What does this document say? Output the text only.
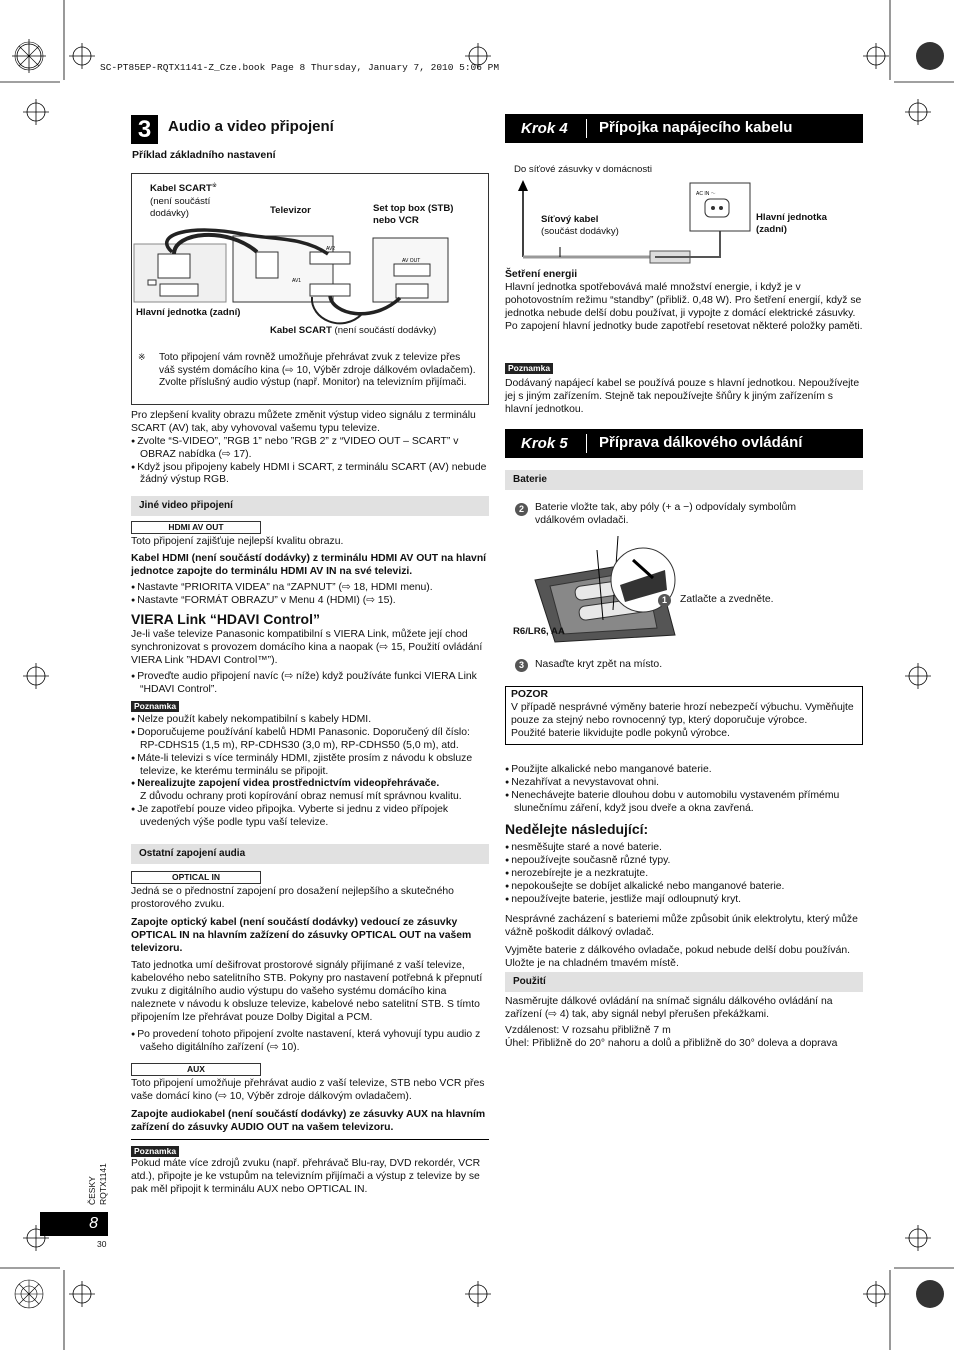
SC-PT85EP-RQTX1141-Z_Cze.book Page 8 Thursday, January 7, 2010 5:06 PM
3	Audio a video připojení
Příklad základního nastavení
Kabel SCART※
(není součástí dodávky)	Televizor	Set top box (STB) nebo VCR
AV2
AV1
AV OUT
Hlavní jednotka (zadní)
Kabel SCART (není součástí dodávky)
※ Toto připojení vám rovněž umožňuje přehrávat zvuk z televize přes váš systém domácího kina (⇨ 10, Výběr zdroje dálkovém ovladačem). Zvolte příslušný audio výstup (např. Monitor) na televizním přijímači.

Pro zlepšení kvality obrazu můžete změnit výstup video signálu z terminálu SCART (AV) tak, aby vyhovoval vašemu typu televize.

● Zvolte “S-VIDEO”, ”RGB 1” nebo ”RGB 2” z “VIDEO OUT – SCART” v OBRAZ nabídka (⇨ 17).

● Když jsou připojeny kabely HDMI i SCART, z terminálu SCART (AV) nebude žádný výstup RGB.

Jiné video připojení
HDMI AV OUT

Toto připojení zajišťuje nejlepší kvalitu obrazu.

Kabel HDMI (není součástí dodávky) z terminálu HDMI AV OUT na hlavní jednotce zapojte do terminálu HDMI AV IN na své televizi.

● Nastavte “PRIORITA VIDEA” na “ZAPNUT” (⇨ 18, HDMI menu).

● Nastavte “FORMÁT OBRAZU” v Menu 4 (HDMI) (⇨ 15).

VIERA Link “HDAVI Control”

Je-li vaše televize Panasonic kompatibilní s VIERA Link, můžete její chod synchronizovat s provozem domácího kina a naopak (⇨ 15, Použití ovládání VIERA Link ”HDAVI Control™”).

● Proveďte audio připojení navíc (⇨ níže) když používáte funkci VIERA Link “HDAVI Control”.

Poznamka

● Nelze použít kabely nekompatibilní s kabely HDMI.

● Doporučujeme používání kabelů HDMI Panasonic. Doporučený díl číslo: RP-CDHS15 (1,5 m), RP-CDHS30 (3,0 m), RP-CDHS50 (5,0 m), atd.

● Máte-li televizi s více terminály HDMI, zjistěte prosím z návodu k obsluze televize, ke kterému terminálu se připojit.

● Nerealizujte zapojení videa prostřednictvím videopřehrávače.

Z důvodu ochrany proti kopírování obraz nemusí mít správnou kvalitu.

● Je zapotřebí pouze video připojka. Vyberte si jednu z video přípojek uvedených výše podle typu vaší televize.

Ostatní zapojení audia
OPTICAL IN

Jedná se o přednostní zapojení pro dosažení nejlepšího a skutečného prostorového zvuku.

Zapojte optický kabel (není součástí dodávky) vedoucí ze zásuvky OPTICAL IN na hlavním zažízení do zásuvky OPTICAL OUT na vašem televizoru.

Tato jednotka umí dešifrovat prostorové signály přijímané z vaší televize, kabelového nebo satelitního STB. Pokyny pro nastavení potřebná k přepnutí zvuku z digitálního audio výstupu do vašeho systému domácího kina naleznete v návodu k obsluze televize, kabelové nebo satelitní STB. S tímto připojením lze přehrávat pouze Dolby Digital a PCM.

● Po provedení tohoto připojení zvolte nastavení, která vyhovují typu audio z vašeho digitálního zařízení (⇨ 10).

AUX

Toto připojení umožňuje přehrávat audio z vaší televize, STB nebo VCR přes vaše domácí kino (⇨ 10, Výběr zdroje dálkovým ovladačem).

Zapojte audiokabel (není součástí dodávky) ze zásuvky AUX na hlavním zařízení do zásuvky AUDIO OUT na vašem televizoru.

Poznamka
Pokud máte více zdrojů zvuku (např. přehrávač Blu-ray, DVD rekordér, VCR atd.), připojte je ke vstupům na televizním přijímači a výstup z televize by se pak měl připojit k terminálu AUX nebo OPTICAL IN.
ČESKY RQTX1141
8
30
Krok 4	Přípojka napájecího kabelu
Do síťové zásuvky v domácnosti
AC IN ～
Síťový kabel
(součást dodávky)
Hlavní jednotka (zadní)

Šetření energii

Hlavní jednotka spotřebovává malé množství energie, i když je v pohotovostním režimu “standby” (přibliž. 0,48 W). Pro šetření energií, když se jednotka nebude delší dobu používat, ji vypojte z domácí elektrické zásuvky.

Po zapojení hlavní jednotky bude zapotřebí resetovat některé položky paměti.

Poznamka
Dodávaný napájecí kabel se používá pouze s hlavní jednotkou. Nepoužívejte jej s jiným zařízením. Stejně tak nepoužívejte šňůry k jiným zařízením s hlavní jednotkou.
Krok 5	Příprava dálkového ovládání
Baterie
2	Baterie vložte tak, aby póly (+ a −) odpovídaly symbolům vdálkovém ovladači.
1	Zatlačte a zvedněte.
R6/LR6, AA
3	Nasaďte kryt zpět na místo.

POZOR

V případě nesprávné výměny baterie hrozí nebezpečí výbuchu. Vyměňujte pouze za stejný nebo rovnocenný typ, který doporučuje výrobce.

Použité baterie likvidujte podle pokynů výrobce.

● Použijte alkalické nebo manganové baterie.

● Nezahřívat a nevystavovat ohni.

● Nenechávejte baterie dlouhou dobu v automobilu vystaveném přímému slunečnímu záření, když jsou dveře a okna zavřená.

Nedělejte následující:

● nesměšujte staré a nové baterie.

● nepoužívejte současně různé typy.

● nerozebírejte je a nezkratujte.

● nepokoušejte se dobíjet alkalické nebo manganové baterie.

● nepoužívejte baterie, jestliže mají odloupnutý kryt.

Nesprávné zacházení s bateriemi může způsobit únik elektrolytu, který může vážně poškodit dálkový ovladač.

Vyjměte baterie z dálkového ovladače, pokud nebude delší dobu používán. Uložte je na chladném tmavém místě.

Použití

Nasměrujte dálkové ovládání na snímač signálu dálkového ovládání na zařízení (⇨ 4) tak, aby signál nebyl přerušen překážkami.

Vzdálenost: V rozsahu přibližně 7 m

Úhel: Přibližně do 20° nahoru a dolů a přibližně do 30° doleva a doprava
